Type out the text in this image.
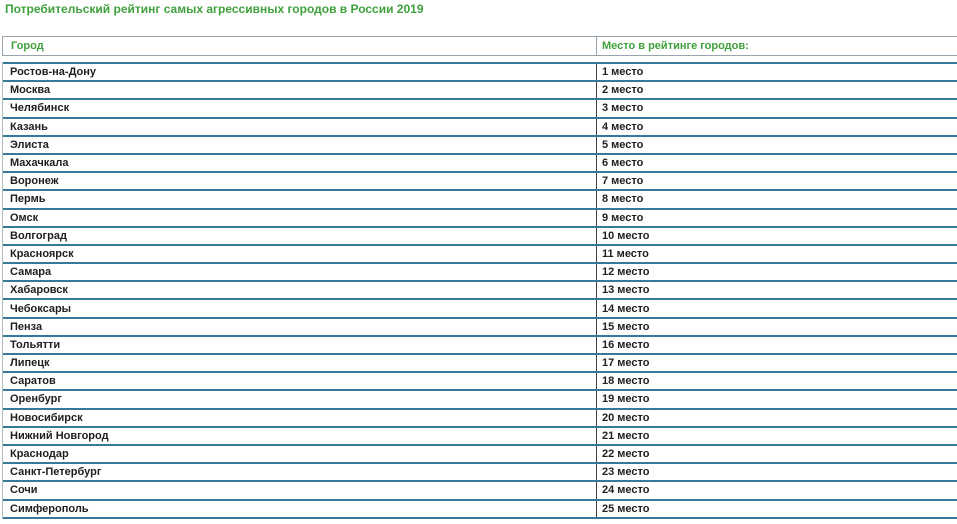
Потребительский рейтинг самых агрессивных городов в России 2019
Город	Место в рейтинге городов:
Ростов-на-Дону	1 место
Москва	2 место
Челябинск	3 место
Казань	4 место
Элиста	5 место
Махачкала	6 место
Воронеж	7 место
Пермь	8 место
Омск	9 место
Волгоград	10 место
Красноярск	11 место
Самара	12 место
Хабаровск	13 место
Чебоксары	14 место
Пенза	15 место
Тольятти	16 место
Липецк	17 место
Саратов	18 место
Оренбург	19 место
Новосибирск	20 место
Нижний Новгород	21 место
Краснодар	22 место
Санкт-Петербург	23 место
Сочи	24 место
Симферополь	25 место
